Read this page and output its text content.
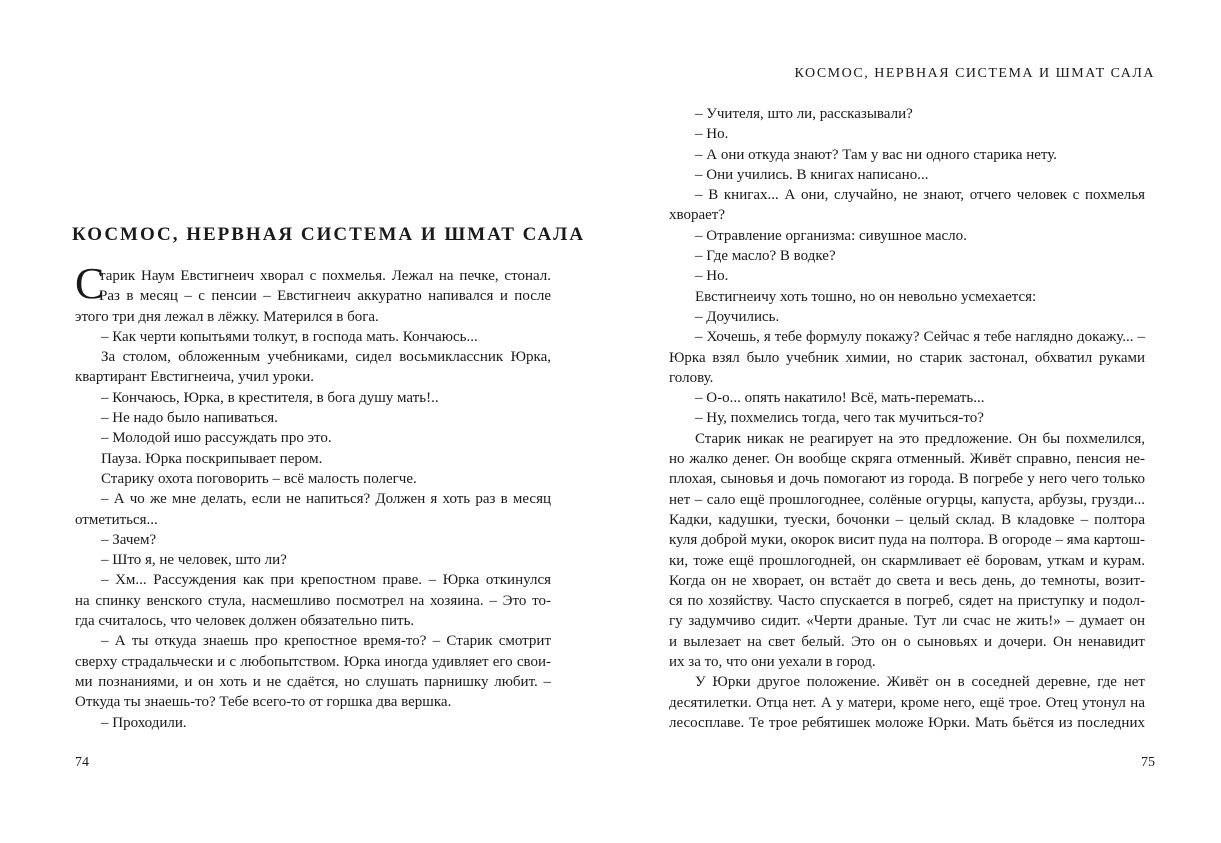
КОСМОС, НЕРВНАЯ СИСТЕМА И ШМАТ САЛА
С
тарик Наум Евстигнеич хворал с похмелья. Лежал на печке, стонал.
Раз в месяц – с пенсии – Евстигнеич аккуратно напивался и после
этого три дня лежал в лёжку. Матерился в бога.
– Как черти копытьями толкут, в господа мать. Кончаюсь...
За столом, обложенным учебниками, сидел восьмиклассник Юрка,
квартирант Евстигнеича, учил уроки.
– Кончаюсь, Юрка, в крестителя, в бога душу мать!..
– Не надо было напиваться.
– Молодой ишо рассуждать про это.
Пауза. Юрка поскрипывает пером.
Старику охота поговорить – всё малость полегче.
– А чо же мне делать, если не напиться? Должен я хоть раз в месяц
отметиться...
– Зачем?
– Што я, не человек, што ли?
– Хм... Рассуждения как при крепостном праве. – Юрка откинулся
на спинку венского стула, насмешливо посмотрел на хозяина. – Это то-
гда считалось, что человек должен обязательно пить.
– А ты откуда знаешь про крепостное время-то? – Старик смотрит
сверху страдальчески и с любопытством. Юрка иногда удивляет его свои-
ми познаниями, и он хоть и не сдаётся, но слушать парнишку любит. –
Откуда ты знаешь-то? Тебе всего-то от горшка два вершка.
– Проходили.
74
КОСМОС, НЕРВНАЯ СИСТЕМА И ШМАТ САЛА
– Учителя, што ли, рассказывали?
– Но.
– А они откуда знают? Там у вас ни одного старика нету.
– Они учились. В книгах написано...
– В книгах... А они, случайно, не знают, отчего человек с похмелья
хворает?
– Отравление организма: сивушное масло.
– Где масло? В водке?
– Но.
Евстигнеичу хоть тошно, но он невольно усмехается:
– Доучились.
– Хочешь, я тебе формулу покажу? Сейчас я тебе наглядно докажу... –
Юрка взял было учебник химии, но старик застонал, обхватил руками
голову.
– О-о... опять накатило! Всё, мать-перемать...
– Ну, похмелись тогда, чего так мучиться-то?
Старик никак не реагирует на это предложение. Он бы похмелился,
но жалко денег. Он вообще скряга отменный. Живёт справно, пенсия не-
плохая, сыновья и дочь помогают из города. В погребе у него чего только
нет – сало ещё прошлогоднее, солёные огурцы, капуста, арбузы, грузди...
Кадки, кадушки, туески, бочонки – целый склад. В кладовке – полтора
куля доброй муки, окорок висит пуда на полтора. В огороде – яма картош-
ки, тоже ещё прошлогодней, он скармливает её боровам, уткам и курам.
Когда он не хворает, он встаёт до света и весь день, до темноты, возит-
ся по хозяйству. Часто спускается в погреб, сядет на приступку и подол-
гу задумчиво сидит. «Черти драные. Тут ли счас не жить!» – думает он
и вылезает на свет белый. Это он о сыновьях и дочери. Он ненавидит
их за то, что они уехали в город.
У Юрки другое положение. Живёт он в соседней деревне, где нет
десятилетки. Отца нет. А у матери, кроме него, ещё трое. Отец утонул на
лесосплаве. Те трое ребятишек моложе Юрки. Мать бьётся из последних
75
